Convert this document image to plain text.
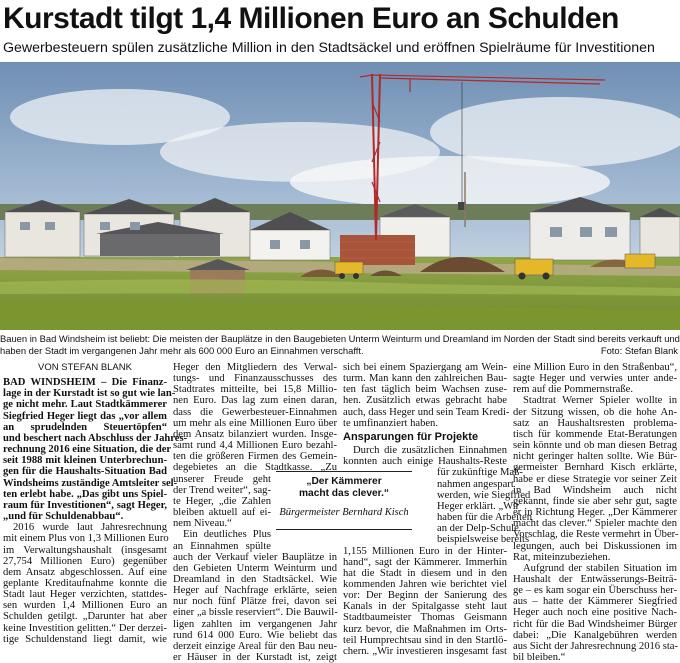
Kurstadt tilgt 1,4 Millionen Euro an Schulden
Gewerbesteuern spülen zusätzliche Million in den Stadtsäckel und eröffnen Spielräume für Investitionen
Bauen in Bad Windsheim ist beliebt: Die meisten der Bauplätze in den Baugebieten Unterm Weinturm und Dreamland im Norden der Stadt sind bereits verkauft und
haben der Stadt im vergangenen Jahr mehr als 600 000 Euro an Einnahmen verschafft.	Foto: Stefan Blank
VON STEFAN BLANK
BAD WINDSHEIM – Die Finanz-
lage in der Kurstadt ist so gut wie lan-
ge nicht mehr. Laut Stadtkämmerer
Siegfried Heger liegt das „vor allem
an sprudelnden Steuertöpfen“
und beschert nach Abschluss der Jahres-
rechnung 2016 eine Situation, die der
seit 1988 mit kleinen Unterbrechun-
gen für die Haushalts-Situation Bad
Windsheims zuständige Amtsleiter sel-
ten erlebt habe. „Das gibt uns Spiel-
raum für Investitionen“, sagt Heger,
„und für Schuldenabbau“.
2016 wurde laut Jahresrechnung
mit einem Plus von 1,3 Millionen Euro
im Verwaltungshaushalt (insgesamt
27,754 Millionen Euro) gegenüber
dem Ansatz abgeschlossen. Auf eine
geplante Kreditaufnahme konnte die
Stadt laut Heger verzichten, stattdes-
sen wurden 1,4 Millionen Euro an
Schulden getilgt. „Darunter hat aber
keine Investition gelitten.“ Der derzei-
tige Schuldenstand liegt damit, wie
Heger den Mitgliedern des Verwal-
tungs- und Finanzausschusses des
Stadtrates mitteilte, bei 15,8 Millio-
nen Euro. Das lag zum einen daran,
dass die Gewerbesteuer-Einnahmen
um mehr als eine Millionen Euro über
dem Ansatz bilanziert wurden. Insge-
samt rund 4,4 Millionen Euro bezahl-
ten die größeren Firmen des Gemein-
degebietes an die Stadtkasse. „Zu
unserer Freude geht
der Trend weiter“, sag-
te Heger, „die Zahlen
bleiben aktuell auf ei-
nem Niveau.“
Ein deutliches Plus
an Einnahmen spülte
auch der Verkauf vieler Bauplätze in
den Gebieten Unterm Weinturm und
Dreamland in den Stadtsäckel. Wie
Heger auf Nachfrage erklärte, seien
nur noch fünf Plätze frei, davon sei
einer „a bissle reserviert“. Die Bauwil-
ligen zahlten im vergangenen Jahr
rund 614 000 Euro. Wie beliebt das
derzeit einzige Areal für den Bau neu-
er Häuser in der Kurstadt ist, zeigt
„Der Kämmerer
macht das clever.“
Bürgermeister Bernhard Kisch
sich bei einem Spaziergang am Wein-
turm. Man kann den zahlreichen Bau-
ten fast täglich beim Wachsen zuse-
hen. Zusätzlich etwas gebracht habe
auch, dass Heger und sein Team Kredi-
te umfinanziert haben.
Ansparungen für Projekte
Durch die zusätzlichen Einnahmen
konnten auch einige Haushalts-Reste
für zukünftige Maß-
nahmen angespart
werden, wie Siegfried
Heger erklärt. „Wir
haben für die Arbeiten
an der Delp-Schule
beispielsweise bereits
1,155 Millionen Euro in der Hinter-
hand“, sagt der Kämmerer. Immerhin
hat die Stadt in diesem und in den
kommenden Jahren wie berichtet viel
vor: Der Beginn der Sanierung des
Kanals in der Spitalgasse steht laut
Stadtbaumeister Thomas Geismann
kurz bevor, die Maßnahmen im Orts-
teil Humprechtsau sind in den Startlö-
chern. „Wir investieren insgesamt fast
eine Million Euro in den Straßenbau“,
sagte Heger und verwies unter ande-
rem auf die Pommernstraße.
Stadtrat Werner Spieler wollte in
der Sitzung wissen, ob die hohe An-
satz an Haushaltsresten problema-
tisch für kommende Etat-Beratungen
sein könnte und ob man diesen Betrag
nicht geringer halten sollte. Wie Bür-
germeister Bernhard Kisch erklärte,
habe er diese Strategie vor seiner Zeit
in Bad Windsheim auch nicht
gekannt, finde sie aber sehr gut, sagte
er in Richtung Heger. „Der Kämmerer
macht das clever.“ Spieler machte den
Vorschlag, die Reste vermehrt in Über-
legungen, auch bei Diskussionen im
Rat, miteinzubeziehen.
Aufgrund der stabilen Situation im
Haushalt der Entwässerungs-Beiträ-
ge – es kam sogar ein Überschuss her-
aus – hatte der Kämmerer Siegfried
Heger auch noch eine positive Nach-
richt für die Bad Windsheimer Bürger
dabei: „Die Kanalgebühren werden
aus Sicht der Jahresrechnung 2016 sta-
bil bleiben.“
